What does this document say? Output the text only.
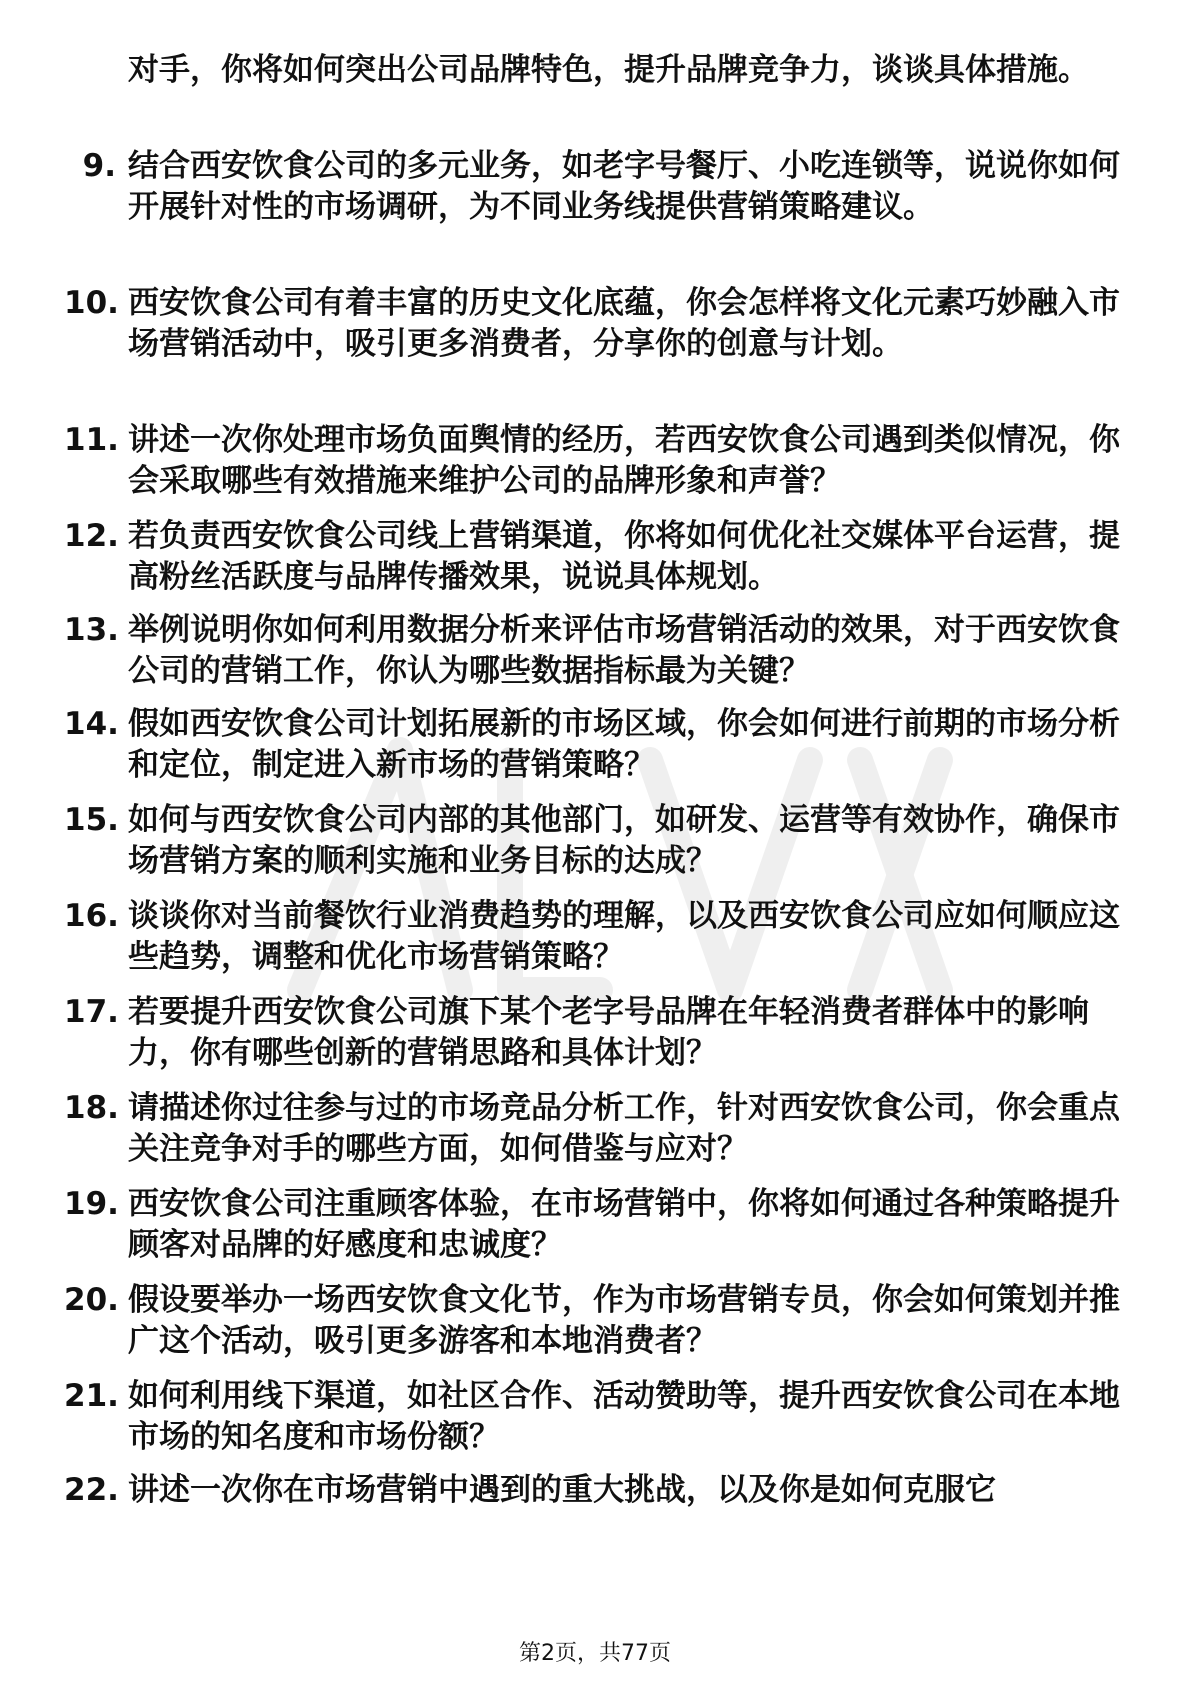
对手，你将如何突出公司品牌特色，提升品牌竞争力，谈谈具体措施。
9. 结合西安饮食公司的多元业务，如老字号餐厅、小吃连锁等，说说你如何开展针对性的市场调研，为不同业务线提供营销策略建议。
10. 西安饮食公司有着丰富的历史文化底蕴，你会怎样将文化元素巧妙融入市场营销活动中，吸引更多消费者，分享你的创意与计划。
11. 讲述一次你处理市场负面舆情的经历，若西安饮食公司遇到类似情况，你会采取哪些有效措施来维护公司的品牌形象和声誉？
12. 若负责西安饮食公司线上营销渠道，你将如何优化社交媒体平台运营，提高粉丝活跃度与品牌传播效果，说说具体规划。
13. 举例说明你如何利用数据分析来评估市场营销活动的效果，对于西安饮食公司的营销工作，你认为哪些数据指标最为关键？
14. 假如西安饮食公司计划拓展新的市场区域，你会如何进行前期的市场分析和定位，制定进入新市场的营销策略？
15. 如何与西安饮食公司内部的其他部门，如研发、运营等有效协作，确保市场营销方案的顺利实施和业务目标的达成？
16. 谈谈你对当前餐饮行业消费趋势的理解，以及西安饮食公司应如何顺应这些趋势，调整和优化市场营销策略？
17. 若要提升西安饮食公司旗下某个老字号品牌在年轻消费者群体中的影响力，你有哪些创新的营销思路和具体计划？
18. 请描述你过往参与过的市场竞品分析工作，针对西安饮食公司，你会重点关注竞争对手的哪些方面，如何借鉴与应对？
19. 西安饮食公司注重顾客体验，在市场营销中，你将如何通过各种策略提升顾客对品牌的好感度和忠诚度？
20. 假设要举办一场西安饮食文化节，作为市场营销专员，你会如何策划并推广这个活动，吸引更多游客和本地消费者？
21. 如何利用线下渠道，如社区合作、活动赞助等，提升西安饮食公司在本地市场的知名度和市场份额？
22. 讲述一次你在市场营销中遇到的重大挑战，以及你是如何克服它
第2页，共77页
